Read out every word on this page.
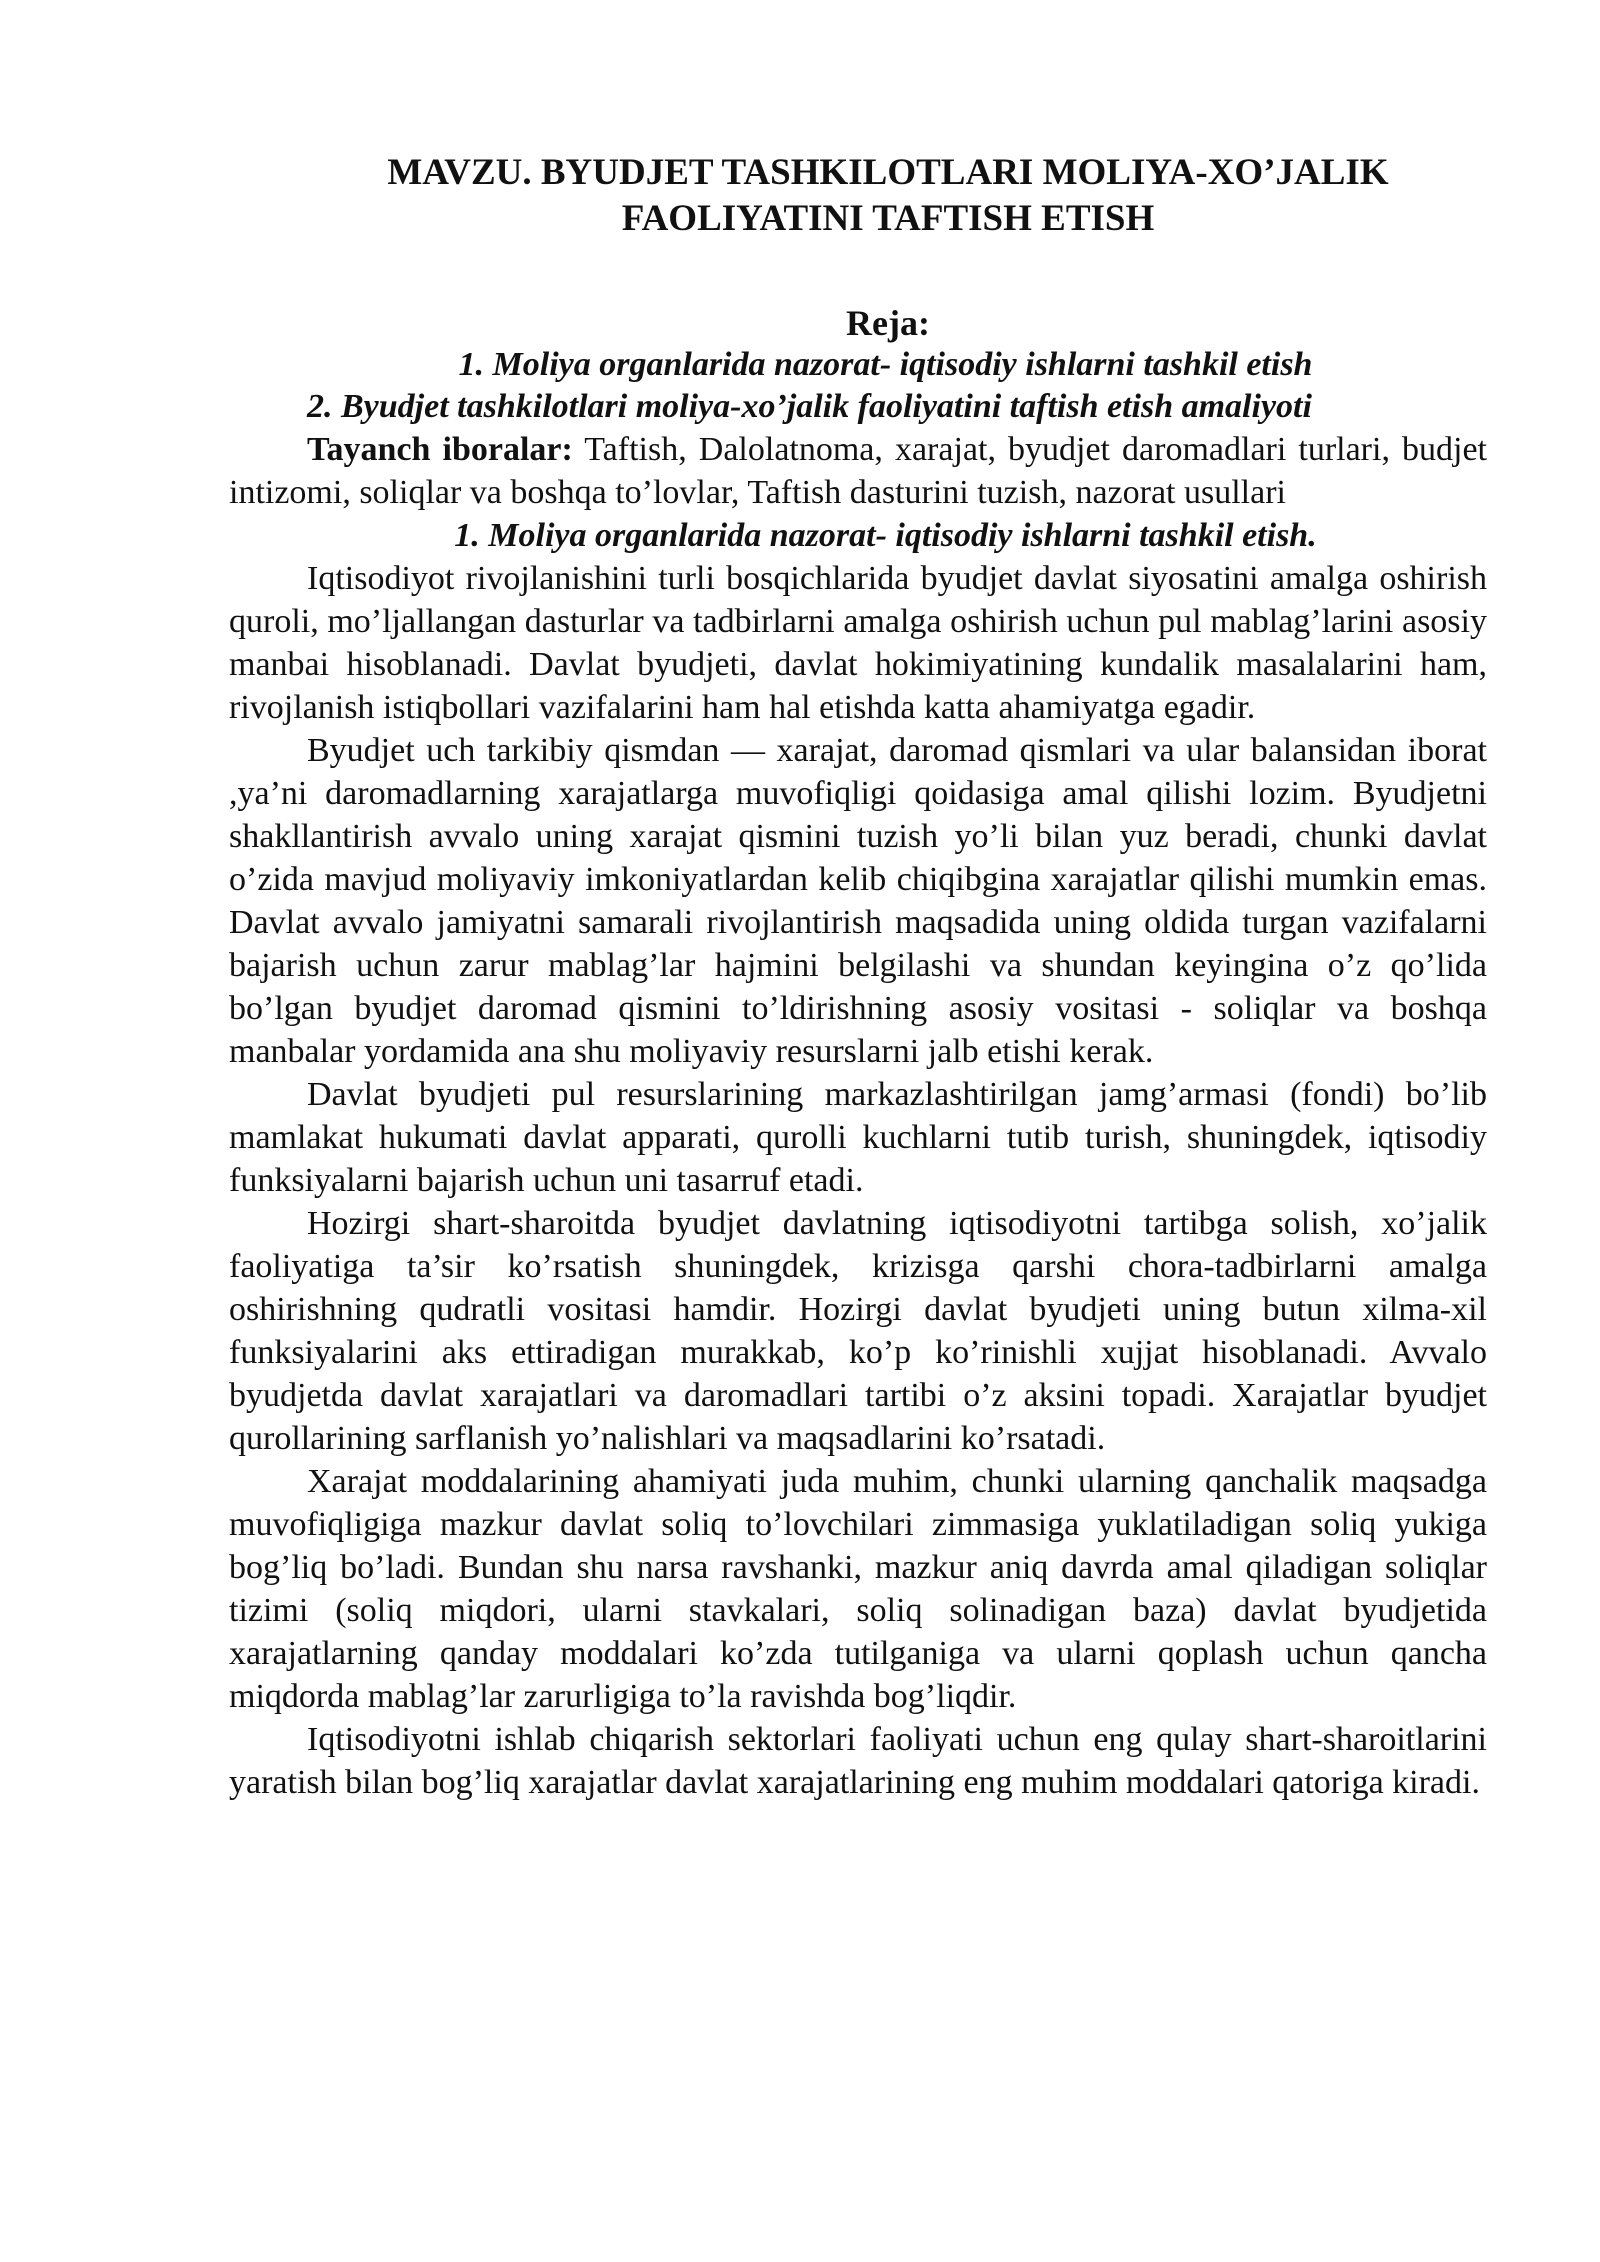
MAVZU. BYUDJET TASHKILOTLARI MOLIYA-XO’JALIK
FAOLIYATINI TAFTISH ETISH
Reja:
1. Moliya organlarida nazorat- iqtisodiy ishlarni tashkil etish
2. Byudjet tashkilotlari moliya-xo’jalik faoliyatini taftish etish amaliyoti

Tayanch iboralar: Taftish, Dalolatnoma, xarajat, byudjet daromadlari turlari, budjet intizomi, soliqlar va boshqa to’lovlar, Taftish dasturini tuzish, nazorat usullari

1. Moliya organlarida nazorat- iqtisodiy ishlarni tashkil etish.

Iqtisodiyot rivojlanishini turli bosqichlarida byudjet davlat siyosatini amalga oshirish quroli, mo’ljallangan dasturlar va tadbirlarni amalga oshirish uchun pul mablag’larini asosiy manbai hisoblanadi. Davlat byudjeti, davlat hokimiyatining kundalik masalalarini ham, rivojlanish istiqbollari vazifalarini ham hal etishda katta ahamiyatga egadir.

Byudjet uch tarkibiy qismdan — xarajat, daromad qismlari va ular balansidan iborat ,ya’ni daromadlarning xarajatlarga muvofiqligi qoidasiga amal qilishi lozim. Byudjetni shakllantirish avvalo uning xarajat qismini tuzish yo’li bilan yuz beradi, chunki davlat o’zida mavjud moliyaviy imkoniyatlardan kelib chiqibgina xarajatlar qilishi mumkin emas. Davlat avvalo jamiyatni samarali rivojlantirish maqsadida uning oldida turgan vazifalarni bajarish uchun zarur mablag’lar hajmini belgilashi va shundan keyingina o’z qo’lida bo’lgan byudjet daromad qismini to’ldirishning asosiy vositasi - soliqlar va boshqa manbalar yordamida ana shu moliyaviy resurslarni jalb etishi kerak.

Davlat byudjeti pul resurslarining markazlashtirilgan jamg’armasi (fondi) bo’lib mamlakat hukumati davlat apparati, qurolli kuchlarni tutib turish, shuningdek, iqtisodiy funksiyalarni bajarish uchun uni tasarruf etadi.

Hozirgi shart-sharoitda byudjet davlatning iqtisodiyotni tartibga solish, xo’jalik faoliyatiga ta’sir ko’rsatish shuningdek, krizisga qarshi chora-tadbirlarni amalga oshirishning qudratli vositasi hamdir. Hozirgi davlat byudjeti uning butun xilma-xil funksiyalarini aks ettiradigan murakkab, ko’p ko’rinishli xujjat hisoblanadi. Avvalo byudjetda davlat xarajatlari va daromadlari tartibi o’z aksini topadi. Xarajatlar byudjet qurollarining sarflanish yo’nalishlari va maqsadlarini ko’rsatadi.

Xarajat moddalarining ahamiyati juda muhim, chunki ularning qanchalik maqsadga muvofiqligiga mazkur davlat soliq to’lovchilari zimmasiga yuklatiladigan soliq yukiga bog’liq bo’ladi. Bundan shu narsa ravshanki, mazkur aniq davrda amal qiladigan soliqlar tizimi (soliq miqdori, ularni stavkalari, soliq solinadigan baza) davlat byudjetida xarajatlarning qanday moddalari ko’zda tutilganiga va ularni qoplash uchun qancha miqdorda mablag’lar zarurligiga to’la ravishda bog’liqdir.

Iqtisodiyotni ishlab chiqarish sektorlari faoliyati uchun eng qulay shart-sharoitlarini yaratish bilan bog’liq xarajatlar davlat xarajatlarining eng muhim moddalari qatoriga kiradi.
